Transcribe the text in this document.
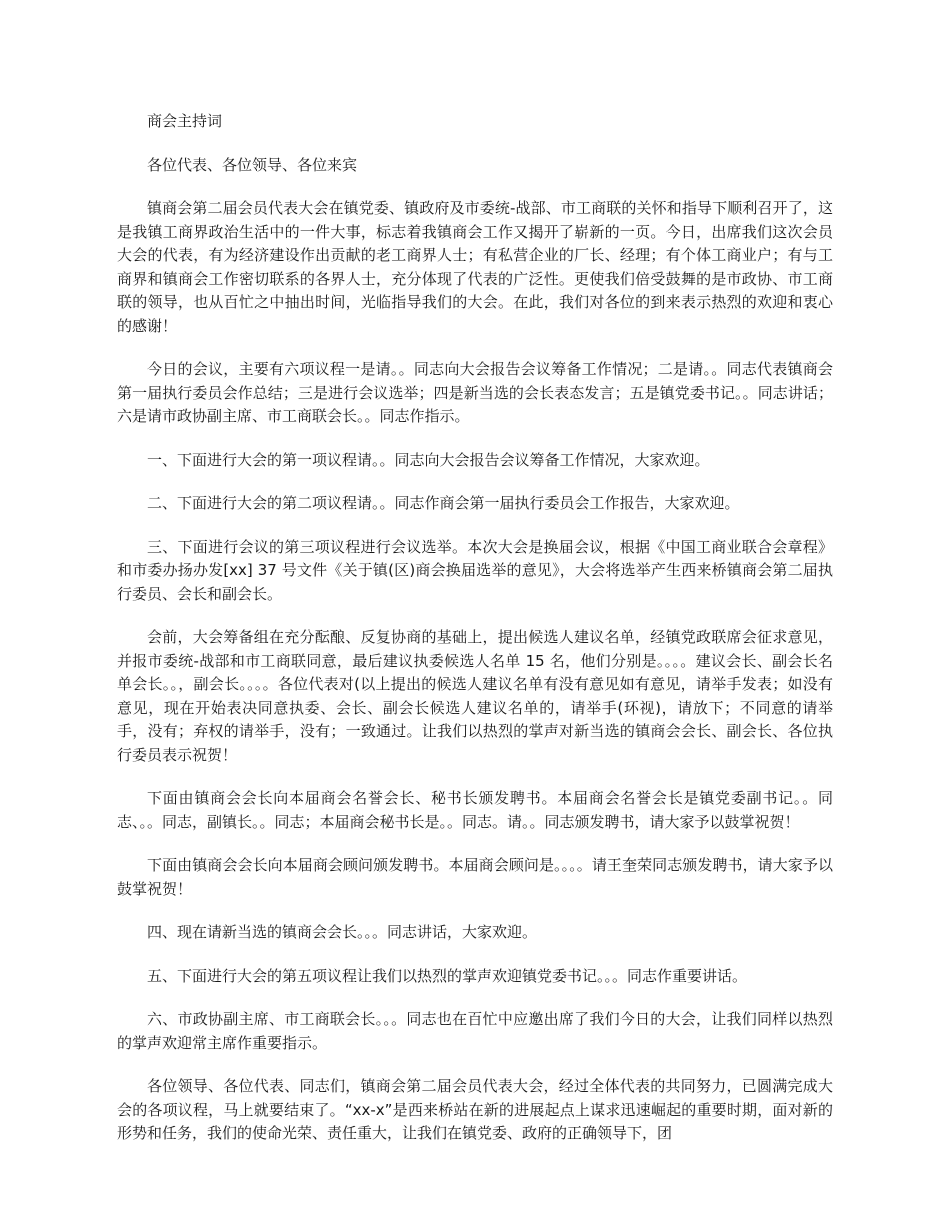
商会主持词

各位代表、各位领导、各位来宾

镇商会第二届会员代表大会在镇党委、镇政府及市委统-战部、市工商联的关怀和指导下顺利召开了，这是我镇工商界政治生活中的一件大事，标志着我镇商会工作又揭开了崭新的一页。今日，出席我们这次会员大会的代表，有为经济建设作出贡献的老工商界人士；有私营企业的厂长、经理；有个体工商业户；有与工商界和镇商会工作密切联系的各界人士，充分体现了代表的广泛性。更使我们倍受鼓舞的是市政协、市工商联的领导，也从百忙之中抽出时间，光临指导我们的大会。在此，我们对各位的到来表示热烈的欢迎和衷心的感谢！

今日的会议，主要有六项议程一是请。。同志向大会报告会议筹备工作情况；二是请。。同志代表镇商会第一届执行委员会作总结；三是进行会议选举；四是新当选的会长表态发言；五是镇党委书记。。同志讲话；六是请市政协副主席、市工商联会长。。同志作指示。

一、下面进行大会的第一项议程请。。同志向大会报告会议筹备工作情况，大家欢迎。

二、下面进行大会的第二项议程请。。同志作商会第一届执行委员会工作报告，大家欢迎。

三、下面进行会议的第三项议程进行会议选举。本次大会是换届会议，根据《中国工商业联合会章程》和市委办扬办发[xx] 37 号文件《关于镇(区)商会换届选举的意见》，大会将选举产生西来桥镇商会第二届执行委员、会长和副会长。

会前，大会筹备组在充分酝酿、反复协商的基础上，提出候选人建议名单，经镇党政联席会征求意见，并报市委统-战部和市工商联同意，最后建议执委候选人名单 15 名，他们分别是。。。。建议会长、副会长名单会长。。，副会长。。。。各位代表对(以上提出的候选人建议名单有没有意见如有意见，请举手发表；如没有意见，现在开始表决同意执委、会长、副会长候选人建议名单的，请举手(环视)，请放下；不同意的请举手，没有；弃权的请举手，没有；一致通过。让我们以热烈的掌声对新当选的镇商会会长、副会长、各位执行委员表示祝贺！

下面由镇商会会长向本届商会名誉会长、秘书长颁发聘书。本届商会名誉会长是镇党委副书记。。同志、。。同志，副镇长。。同志；本届商会秘书长是。。同志。请。。同志颁发聘书，请大家予以鼓掌祝贺！

下面由镇商会会长向本届商会顾问颁发聘书。本届商会顾问是。。。。请王奎荣同志颁发聘书，请大家予以鼓掌祝贺！

四、现在请新当选的镇商会会长。。。同志讲话，大家欢迎。

五、下面进行大会的第五项议程让我们以热烈的掌声欢迎镇党委书记。。。同志作重要讲话。

六、市政协副主席、市工商联会长。。。同志也在百忙中应邀出席了我们今日的大会，让我们同样以热烈的掌声欢迎常主席作重要指示。

各位领导、各位代表、同志们，镇商会第二届会员代表大会，经过全体代表的共同努力，已圆满完成大会的各项议程，马上就要结束了。“xx-x”是西来桥站在新的进展起点上谋求迅速崛起的重要时期，面对新的形势和任务，我们的使命光荣、责任重大，让我们在镇党委、政府的正确领导下，团
